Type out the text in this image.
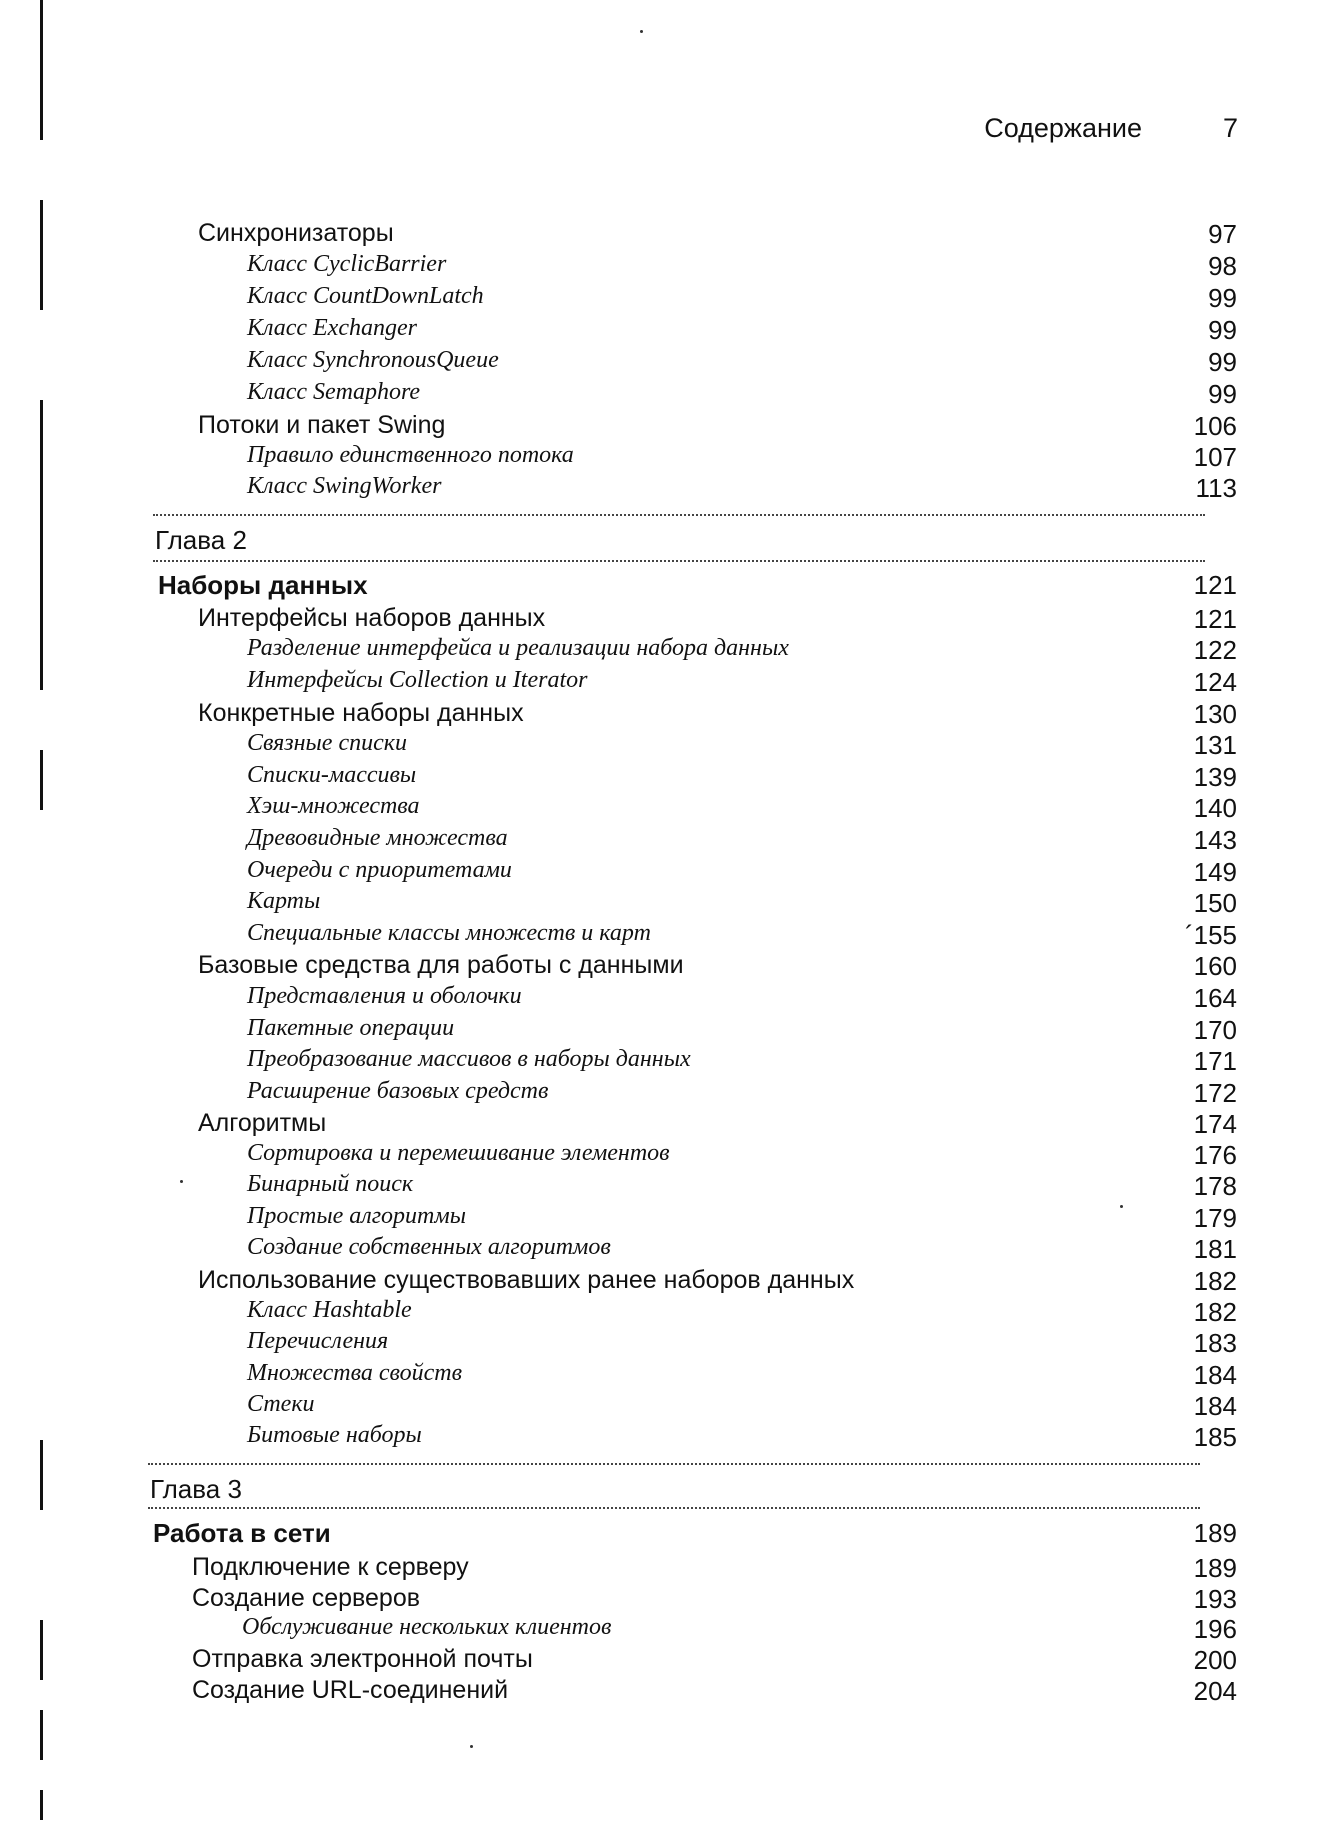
Содержание	7
Синхронизаторы	97
Класс CyclicBarrier	98
Класс CountDownLatch	99
Класс Exchanger	99
Класс SynchronousQueue	99
Класс Semaphore	99
Потоки и пакет Swing	106
Правило единственного потока	107
Класс SwingWorker	113
Глава 2
Наборы данных	121
Интерфейсы наборов данных	121
Разделение интерфейса и реализации набора данных	122
Интерфейсы Collection и Iterator	124
Конкретные наборы данных	130
Связные списки	131
Списки-массивы	139
Хэш-множества	140
Древовидные множества	143
Очереди с приоритетами	149
Карты	150
Специальные классы множеств и карт	´155
Базовые средства для работы с данными	160
Представления и оболочки	164
Пакетные операции	170
Преобразование массивов в наборы данных	171
Расширение базовых средств	172
Алгоритмы	174
Сортировка и перемешивание элементов	176
Бинарный поиск	178
Простые алгоритмы	179
Создание собственных алгоритмов	181
Использование существовавших ранее наборов данных	182
Класс Hashtable	182
Перечисления	183
Множества свойств	184
Стеки	184
Битовые наборы	185
Глава 3
Работа в сети	189
Подключение к серверу	189
Создание серверов	193
Обслуживание нескольких клиентов	196
Отправка электронной почты	200
Создание URL-соединений	204
